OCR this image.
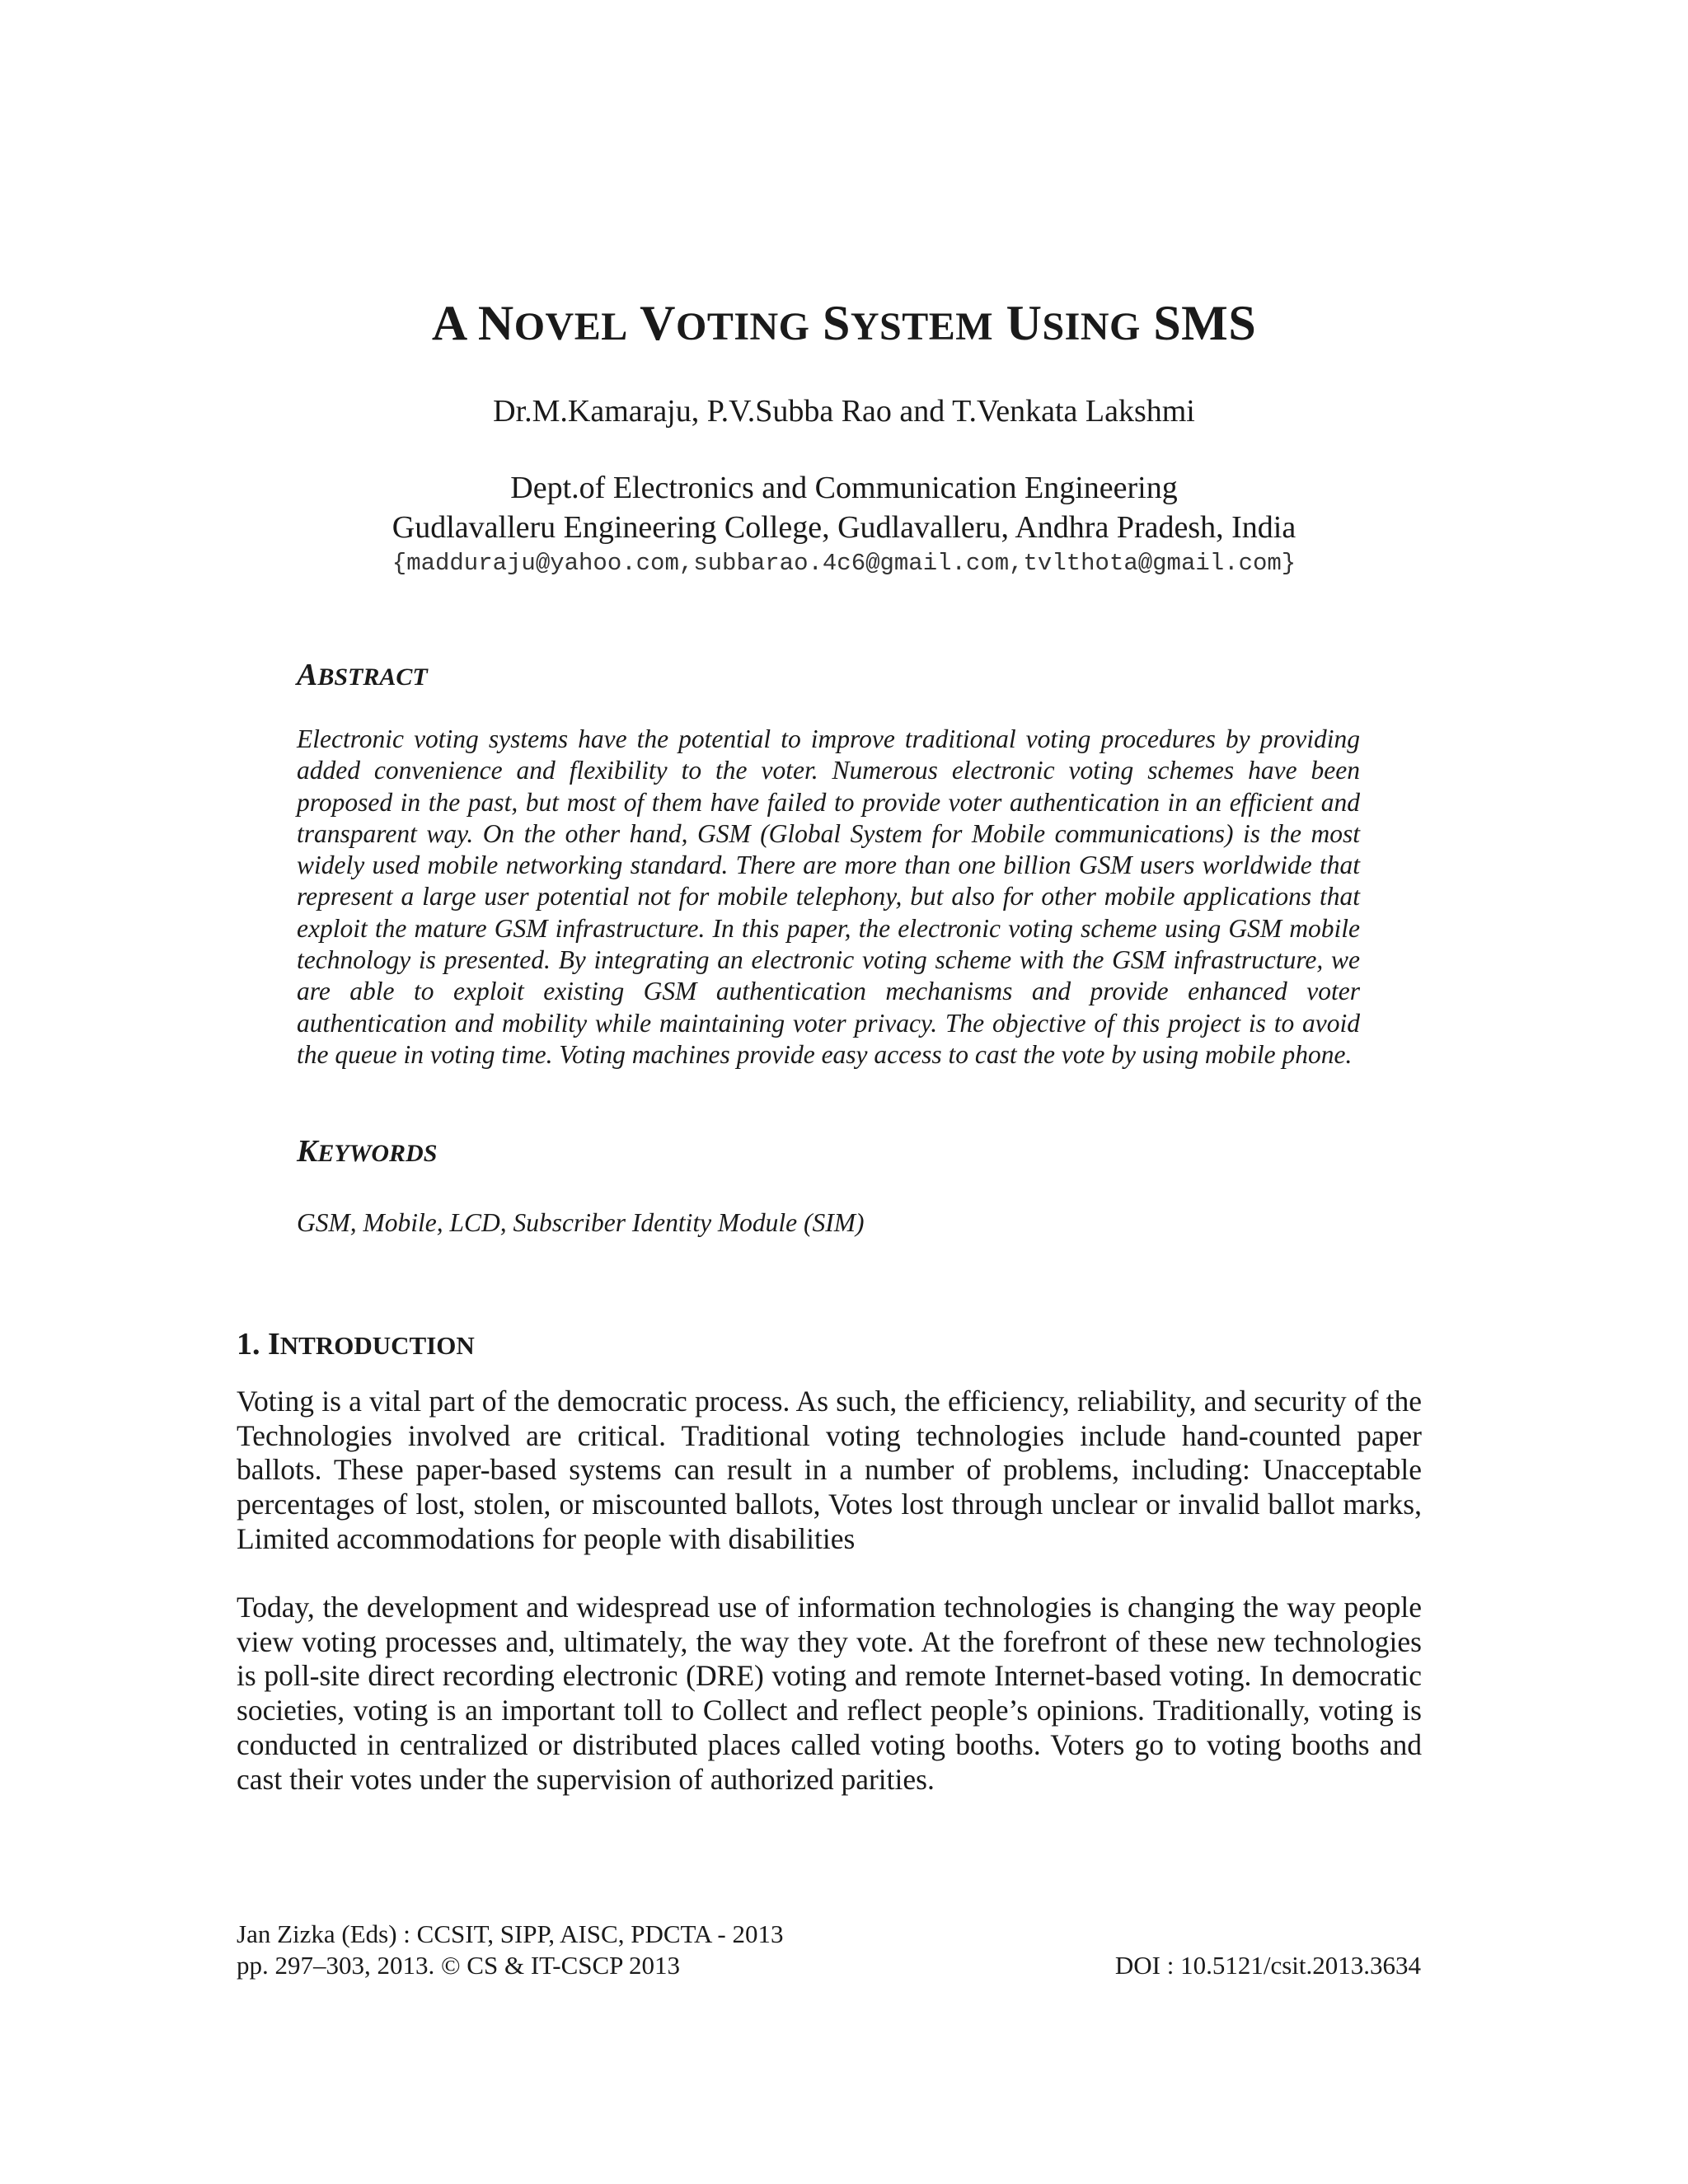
A NOVEL VOTING SYSTEM USING SMS
Dr.M.Kamaraju, P.V.Subba Rao and T.Venkata Lakshmi
Dept.of Electronics and Communication Engineering
Gudlavalleru Engineering College, Gudlavalleru, Andhra Pradesh, India
{madduraju@yahoo.com,subbarao.4c6@gmail.com,tvlthota@gmail.com}
ABSTRACT
Electronic voting systems have the potential to improve traditional voting procedures by providing added convenience and flexibility to the voter. Numerous electronic voting schemes have been proposed in the past, but most of them have failed to provide voter authentication in an efficient and transparent way. On the other hand, GSM (Global System for Mobile communications) is the most widely used mobile networking standard. There are more than one billion GSM users worldwide that represent a large user potential not for mobile telephony, but also for other mobile applications that exploit the mature GSM infrastructure. In this paper, the electronic voting scheme using GSM mobile technology is presented. By integrating an electronic voting scheme with the GSM infrastructure, we are able to exploit existing GSM authentication mechanisms and provide enhanced voter authentication and mobility while maintaining voter privacy. The objective of this project is to avoid the queue in voting time. Voting machines provide easy access to cast the vote by using mobile phone.
KEYWORDS
GSM, Mobile, LCD, Subscriber Identity Module (SIM)
1. INTRODUCTION
Voting is a vital part of the democratic process. As such, the efficiency, reliability, and security of the Technologies involved are critical. Traditional voting technologies include hand-counted paper ballots. These paper-based systems can result in a number of problems, including: Unacceptable percentages of lost, stolen, or miscounted ballots, Votes lost through unclear or invalid ballot marks, Limited accommodations for people with disabilities
Today, the development and widespread use of information technologies is changing the way people view voting processes and, ultimately, the way they vote. At the forefront of these new technologies is poll-site direct recording electronic (DRE) voting and remote Internet-based voting. In democratic societies, voting is an important toll to Collect and reflect people’s opinions. Traditionally, voting is conducted in centralized or distributed places called voting booths. Voters go to voting booths and cast their votes under the supervision of authorized parities.
Jan Zizka (Eds) : CCSIT, SIPP, AISC, PDCTA - 2013
pp. 297–303, 2013. © CS & IT-CSCP 2013	DOI : 10.5121/csit.2013.3634
